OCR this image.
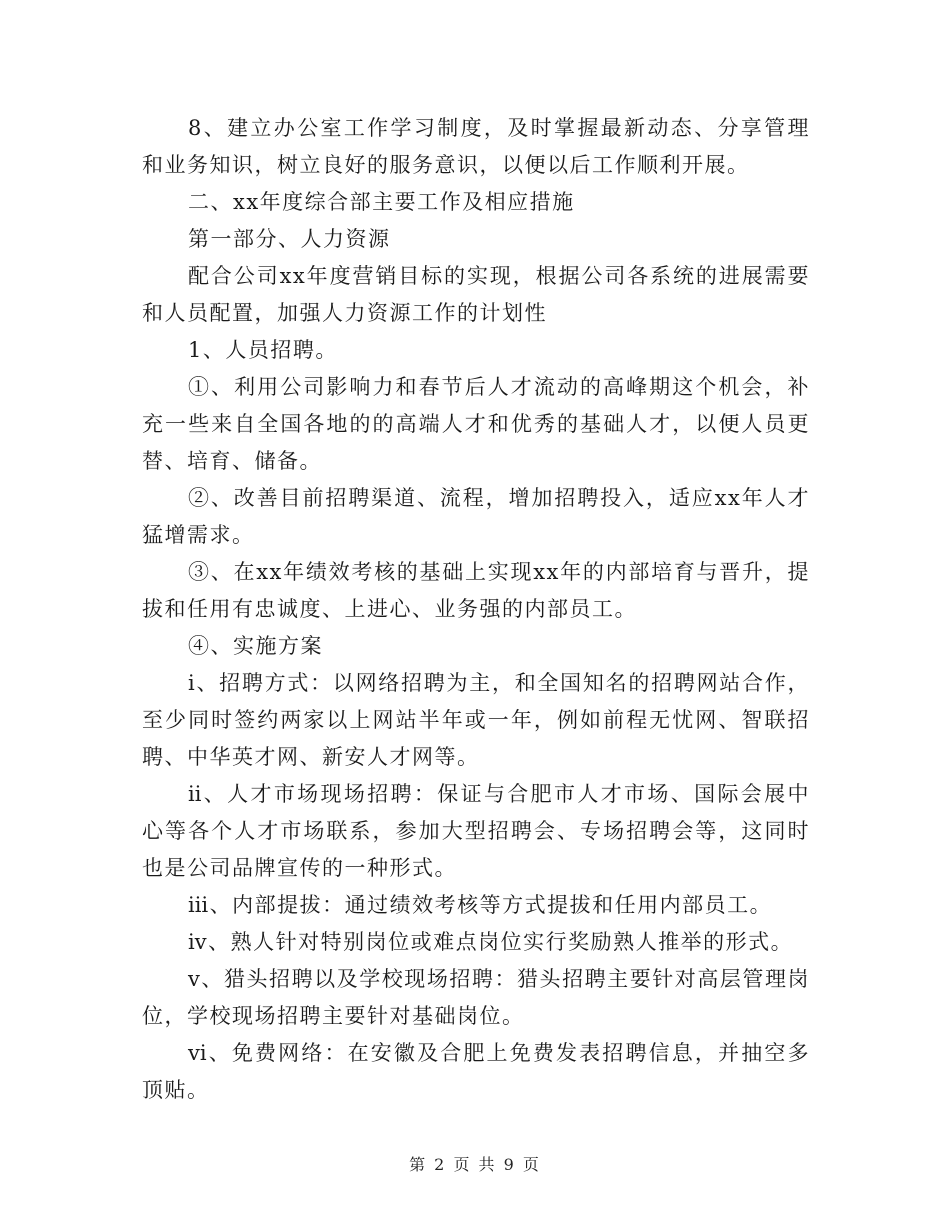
8、建立办公室工作学习制度，及时掌握最新动态、分享管理和业务知识，树立良好的服务意识，以便以后工作顺利开展。

二、xx年度综合部主要工作及相应措施

第一部分、人力资源

配合公司xx年度营销目标的实现，根据公司各系统的进展需要和人员配置，加强人力资源工作的计划性

1、人员招聘。

①、利用公司影响力和春节后人才流动的高峰期这个机会，补充一些来自全国各地的的高端人才和优秀的基础人才，以便人员更替、培育、储备。

②、改善目前招聘渠道、流程，增加招聘投入，适应xx年人才猛增需求。

③、在xx年绩效考核的基础上实现xx年的内部培育与晋升，提拔和任用有忠诚度、上进心、业务强的内部员工。

④、实施方案

ⅰ、招聘方式：以网络招聘为主，和全国知名的招聘网站合作，至少同时签约两家以上网站半年或一年，例如前程无忧网、智联招聘、中华英才网、新安人才网等。

ⅱ、人才市场现场招聘：保证与合肥市人才市场、国际会展中心等各个人才市场联系，参加大型招聘会、专场招聘会等，这同时也是公司品牌宣传的一种形式。

ⅲ、内部提拔：通过绩效考核等方式提拔和任用内部员工。

ⅳ、熟人针对特别岗位或难点岗位实行奖励熟人推举的形式。

ⅴ、猎头招聘以及学校现场招聘：猎头招聘主要针对高层管理岗位，学校现场招聘主要针对基础岗位。

ⅵ、免费网络：在安徽及合肥上免费发表招聘信息，并抽空多顶贴。

第 2 页 共 9 页
